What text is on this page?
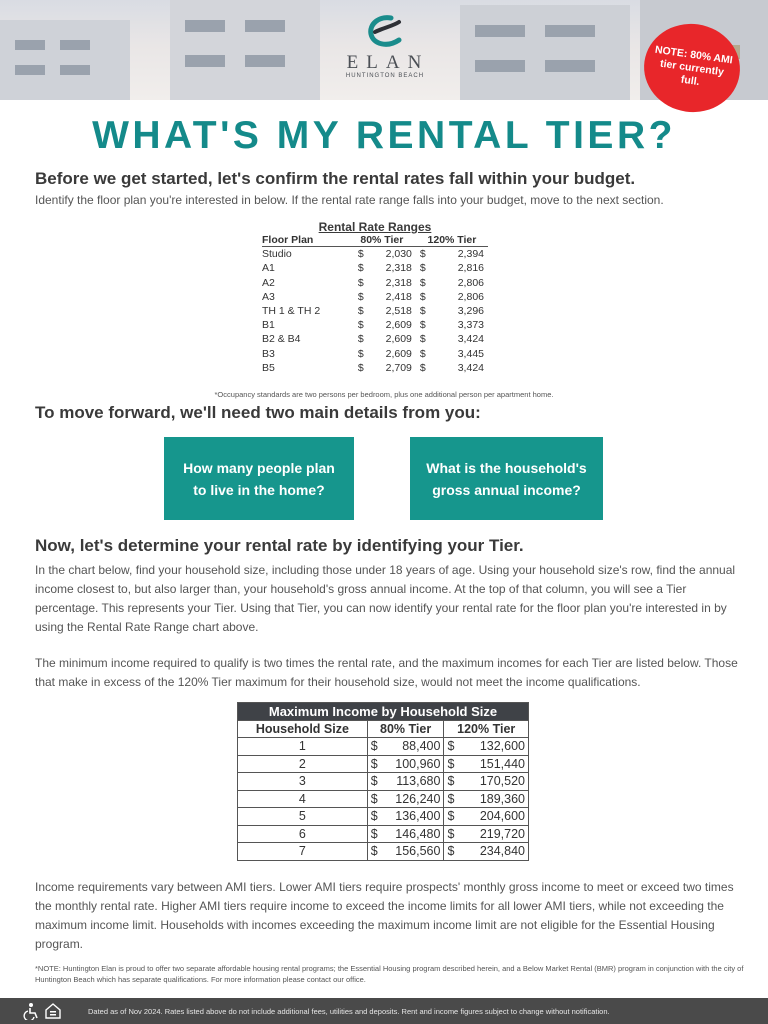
ELAN
HUNTINGTON BEACH
NOTE: 80% AMI tier currently full.
WHAT'S MY RENTAL TIER?
Before we get started, let's confirm the rental rates fall within your budget.
Identify the floor plan you're interested in below. If the rental rate range falls into your budget, move to the next section.
Rental Rate Ranges				
Floor Plan	80% Tier		120% Tier	
Studio	$	2,030	$	2,394
A1	$	2,318	$	2,816
A2	$	2,318	$	2,806
A3	$	2,418	$	2,806
TH 1 & TH 2	$	2,518	$	3,296
B1	$	2,609	$	3,373
B2 & B4	$	2,609	$	3,424
B3	$	2,609	$	3,445
B5	$	2,709	$	3,424
*Occupancy standards are two persons per bedroom, plus one additional person per apartment home.
To move forward, we'll need two main details from you:
How many people plan to live in the home?
What is the household's gross annual income?
Now, let's determine your rental rate by identifying your Tier.
In the chart below, find your household size, including those under 18 years of age. Using your household size's row, find the annual income closest to, but also larger than, your household's gross annual income. At the top of that column, you will see a Tier percentage. This represents your Tier. Using that Tier, you can now identify your rental rate for the floor plan you're interested in by using the Rental Rate Range chart above.
The minimum income required to qualify is two times the rental rate, and the maximum incomes for each Tier are listed below. Those that make in excess of the 120% Tier maximum for their household size, would not meet the income qualifications.
Maximum Income by Household Size		
Household Size	80% Tier	120% Tier
1	$ 88,400	$ 132,600

2	$ 100,960	$ 151,440

3	$ 113,680	$ 170,520

4	$ 126,240	$ 189,360

5	$ 136,400	$ 204,600

6	$ 146,480	$ 219,720

7	$ 156,560	$ 234,840
Income requirements vary between AMI tiers. Lower AMI tiers require prospects' monthly gross income to meet or exceed two times the monthly rental rate. Higher AMI tiers require income to exceed the income limits for all lower AMI tiers, while not exceeding the maximum income limit. Households with incomes exceeding the maximum income limit are not eligible for the Essential Housing program.
*NOTE: Huntington Elan is proud to offer two separate affordable housing rental programs; the Essential Housing program described herein, and a Below Market Rental (BMR) program in conjunction with the city of Huntington Beach which has separate qualifications. For more information please contact our office.
Dated as of Nov 2024. Rates listed above do not include additional fees, utilities and deposits. Rent and income figures subject to change without notification.
